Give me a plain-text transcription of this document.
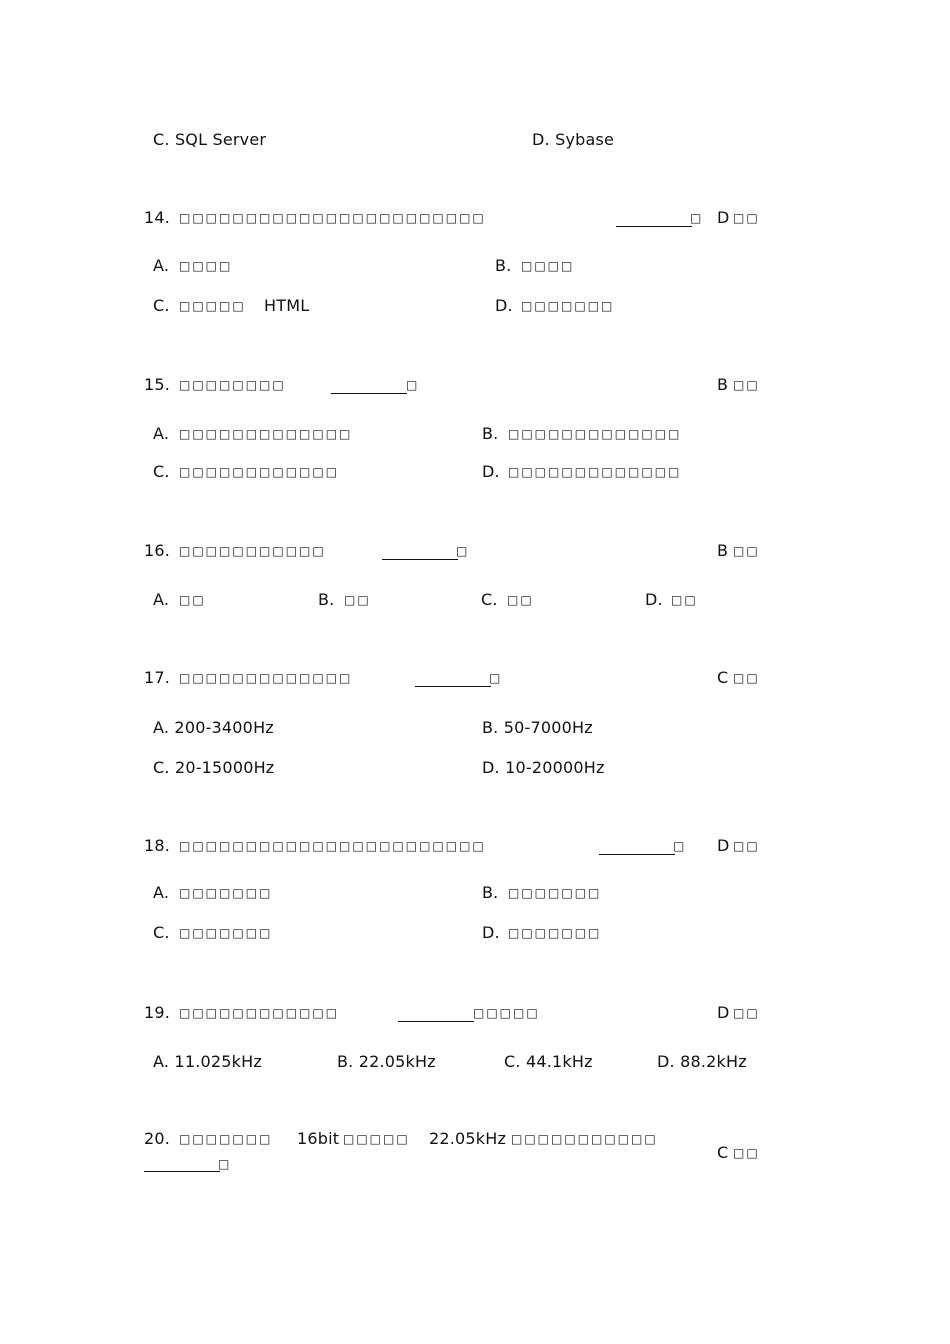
C. SQL Server	D. Sybase
14. □□□□□□□□□□□□□□□□□□□□□□□	□ D □□
A. □□□□	B. □□□□
C. □□□□□ HTML	D. □□□□□□□
15. □□□□□□□□	□	B □□
A. □□□□□□□□□□□□□	B. □□□□□□□□□□□□□
C. □□□□□□□□□□□□	D. □□□□□□□□□□□□□
16. □□□□□□□□□□□	□	B □□
A. □□	B. □□	C. □□	D. □□
17. □□□□□□□□□□□□□	□	C □□
A. 200-3400Hz	B. 50-7000Hz
C. 20-15000Hz	D. 10-20000Hz
18. □□□□□□□□□□□□□□□□□□□□□□□	□ D □□
A. □□□□□□□	B. □□□□□□□
C. □□□□□□□	D. □□□□□□□
19. □□□□□□□□□□□□	□□□□□	D □□
A. 11.025kHz	B. 22.05kHz	C. 44.1kHz	D. 88.2kHz
20. □□□□□□□ 16bit □□□□□ 22.05kHz □□□□□□□□□□□
□
C □□
